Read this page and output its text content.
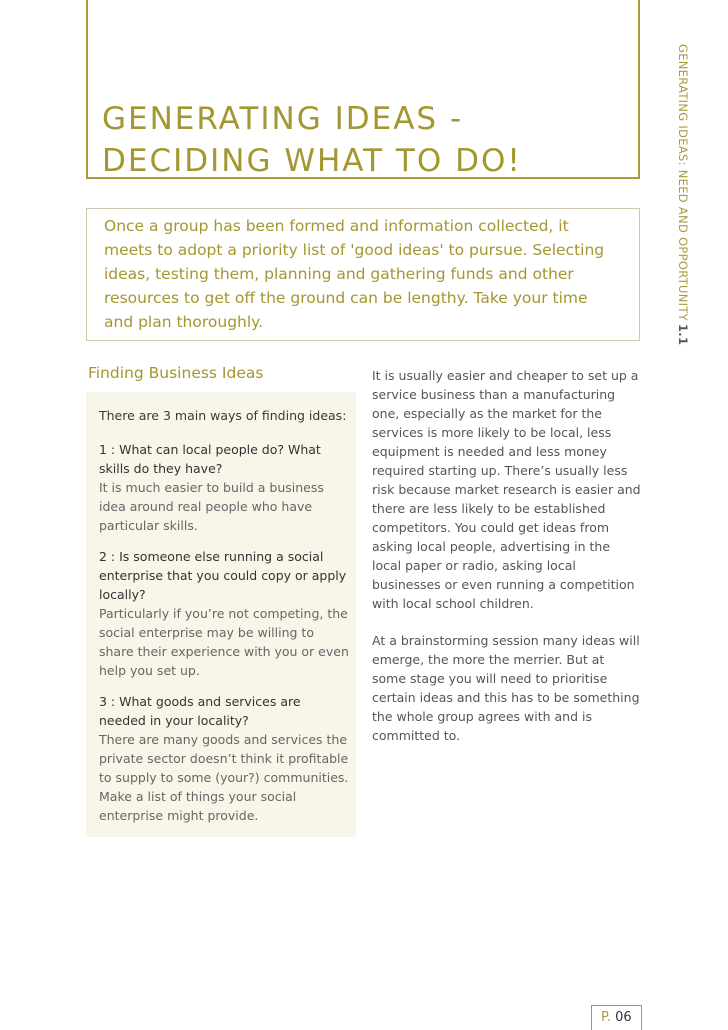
GENERATING IDEAS -
DECIDING WHAT TO DO!	GENERATING IDEAS: NEED AND OPPORTUNITY1.1

Once a group has been formed and information collected, it meets to adopt a priority list of 'good ideas' to pursue. Selecting ideas, testing them, planning and gathering funds and other resources to get off the ground can be lengthy. Take your time and plan thoroughly.

Finding Business Ideas

There are 3 main ways of finding ideas:

1 : What can local people do? What skills do they have?
It is much easier to build a business idea around real people who have particular skills.
2 : Is someone else running a social enterprise that you could copy or apply locally?
Particularly if you’re not competing, the social enterprise may be willing to share their experience with you or even help you set up.
3 : What goods and services are needed in your locality?
There are many goods and services the private sector doesn’t think it profitable to supply to some (your?) communities. Make a list of things your social enterprise might provide.

It is usually easier and cheaper to set up a service business than a manufacturing one, especially as the market for the services is more likely to be local, less equipment is needed and less money required starting up. There’s usually less risk because market research is easier and there are less likely to be established competitors. You could get ideas from asking local people, advertising in the local paper or radio, asking local businesses or even running a competition with local school children.

At a brainstorming session many ideas will emerge, the more the merrier. But at some stage you will need to prioritise certain ideas and this has to be something the whole group agrees with and is committed to.

P. 06
